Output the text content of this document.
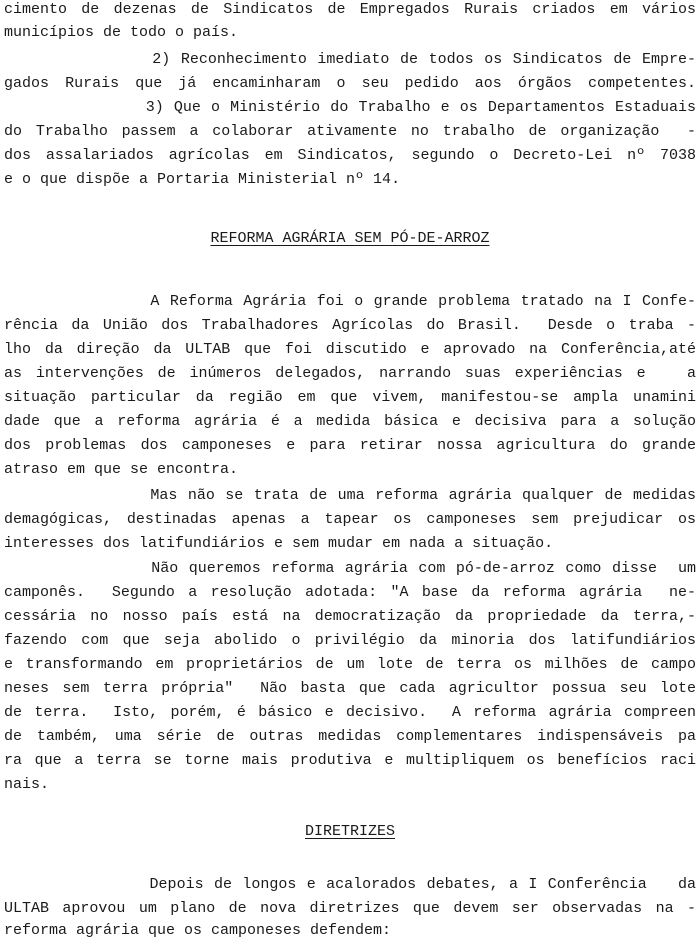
cimento de dezenas de Sindicatos de Empregados Rurais criados em vários
municípios de todo o país.
2) Reconhecimento imediato de todos os Sindicatos de Empre-
gados Rurais que já encaminharam o seu pedido aos órgãos competentes.
3) Que o Ministério do Trabalho e os Departamentos Estaduais
do Trabalho passem a colaborar ativamente no trabalho de organização  -
dos assalariados agrícolas em Sindicatos, segundo o Decreto-Lei nº 7038
e o que dispõe a Portaria Ministerial nº 14.
REFORMA AGRÁRIA SEM PÓ-DE-ARROZ
A Reforma Agrária foi o grande problema tratado na I Confe-
rência da União dos Trabalhadores Agrícolas do Brasil.  Desde o traba -
lho da direção da ULTAB que foi discutido e aprovado na Conferência,até
as intervenções de inúmeros delegados, narrando suas experiências e   a
situação particular da região em que vivem, manifestou-se ampla unamini
dade que a reforma agrária é a medida básica e decisiva para a solução
dos problemas dos camponeses e para retirar nossa agricultura do grande
atraso em que se encontra.
Mas não se trata de uma reforma agrária qualquer de medidas
demagógicas, destinadas apenas a tapear os camponeses sem prejudicar os
interesses dos latifundiários e sem mudar em nada a situação.
Não queremos reforma agrária com pó-de-arroz como disse  um
camponês.  Segundo a resolução adotada: "A base da reforma agrária  ne-
cessária no nosso país está na democratização da propriedade da terra,-
fazendo com que seja abolido o privilégio da minoria dos latifundiários
e transformando em proprietários de um lote de terra os milhões de campo
neses sem terra própria"  Não basta que cada agricultor possua seu lote
de terra.  Isto, porém, é básico e decisivo.  A reforma agrária compreen
de também, uma série de outras medidas complementares indispensáveis pa
ra que a terra se torne mais produtiva e multipliquem os benefícios raci
nais.
DIRETRIZES
Depois de longos e acalorados debates, a I Conferência   da
ULTAB aprovou um plano de nova diretrizes que devem ser observadas na -
reforma agrária que os camponeses defendem:
